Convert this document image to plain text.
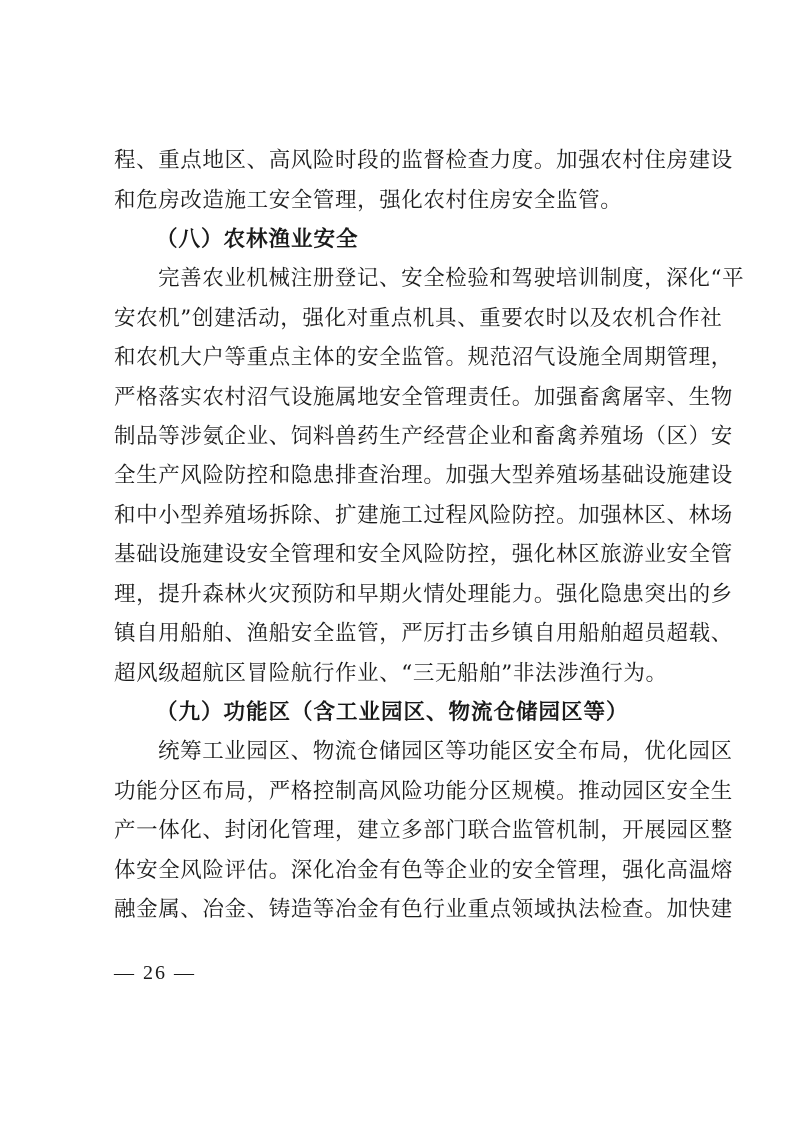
程、重点地区、高风险时段的监督检查力度。加强农村住房建设
和危房改造施工安全管理，强化农村住房安全监管。
（八）农林渔业安全
完善农业机械注册登记、安全检验和驾驶培训制度，深化“平
安农机”创建活动，强化对重点机具、重要农时以及农机合作社
和农机大户等重点主体的安全监管。规范沼气设施全周期管理，
严格落实农村沼气设施属地安全管理责任。加强畜禽屠宰、生物
制品等涉氨企业、饲料兽药生产经营企业和畜禽养殖场（区）安
全生产风险防控和隐患排查治理。加强大型养殖场基础设施建设
和中小型养殖场拆除、扩建施工过程风险防控。加强林区、林场
基础设施建设安全管理和安全风险防控，强化林区旅游业安全管
理，提升森林火灾预防和早期火情处理能力。强化隐患突出的乡
镇自用船舶、渔船安全监管，严厉打击乡镇自用船舶超员超载、
超风级超航区冒险航行作业、“三无船舶”非法涉渔行为。
（九）功能区（含工业园区、物流仓储园区等）
统筹工业园区、物流仓储园区等功能区安全布局，优化园区
功能分区布局，严格控制高风险功能分区规模。推动园区安全生
产一体化、封闭化管理，建立多部门联合监管机制，开展园区整
体安全风险评估。深化冶金有色等企业的安全管理，强化高温熔
融金属、冶金、铸造等冶金有色行业重点领域执法检查。加快建
— 26 —
